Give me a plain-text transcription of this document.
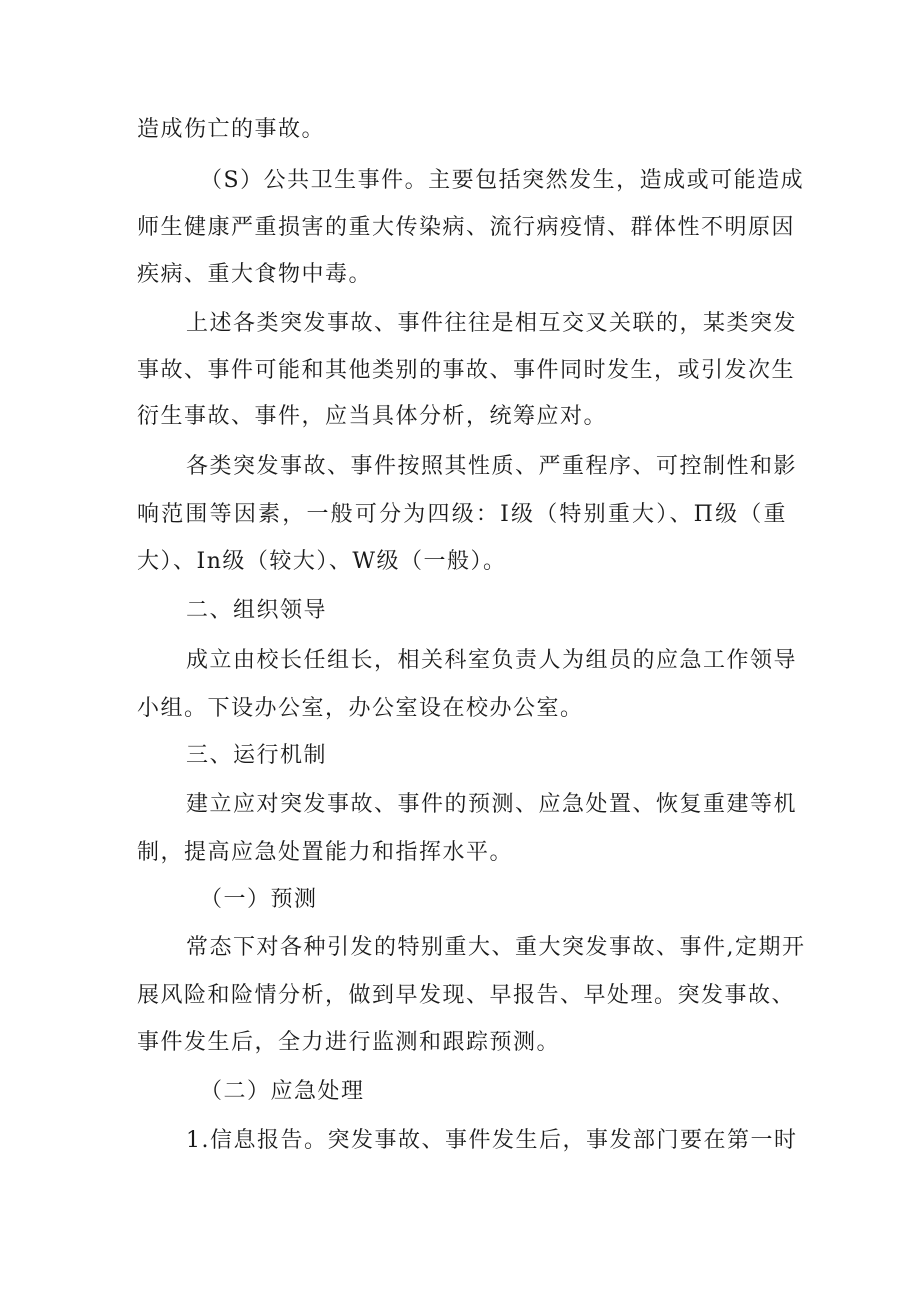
造成伤亡的事故。
（S）公共卫生事件。主要包括突然发生，造成或可能造成
师生健康严重损害的重大传染病、流行病疫情、群体性不明原因
疾病、重大食物中毒。
上述各类突发事故、事件往往是相互交叉关联的，某类突发
事故、事件可能和其他类别的事故、事件同时发生，或引发次生
衍生事故、事件，应当具体分析，统筹应对。
各类突发事故、事件按照其性质、严重程序、可控制性和影
响范围等因素，一般可分为四级：Ⅰ级（特别重大）、Π级（重
大）、In级（较大）、W级（一般）。
二、组织领导
成立由校长任组长，相关科室负责人为组员的应急工作领导
小组。下设办公室，办公室设在校办公室。
三、运行机制
建立应对突发事故、事件的预测、应急处置、恢复重建等机
制，提高应急处置能力和指挥水平。
（一）预测
常态下对各种引发的特别重大、重大突发事故、事件,定期开
展风险和险情分析，做到早发现、早报告、早处理。突发事故、
事件发生后，全力进行监测和跟踪预测。
（二）应急处理
1.信息报告。突发事故、事件发生后，事发部门要在第一时
